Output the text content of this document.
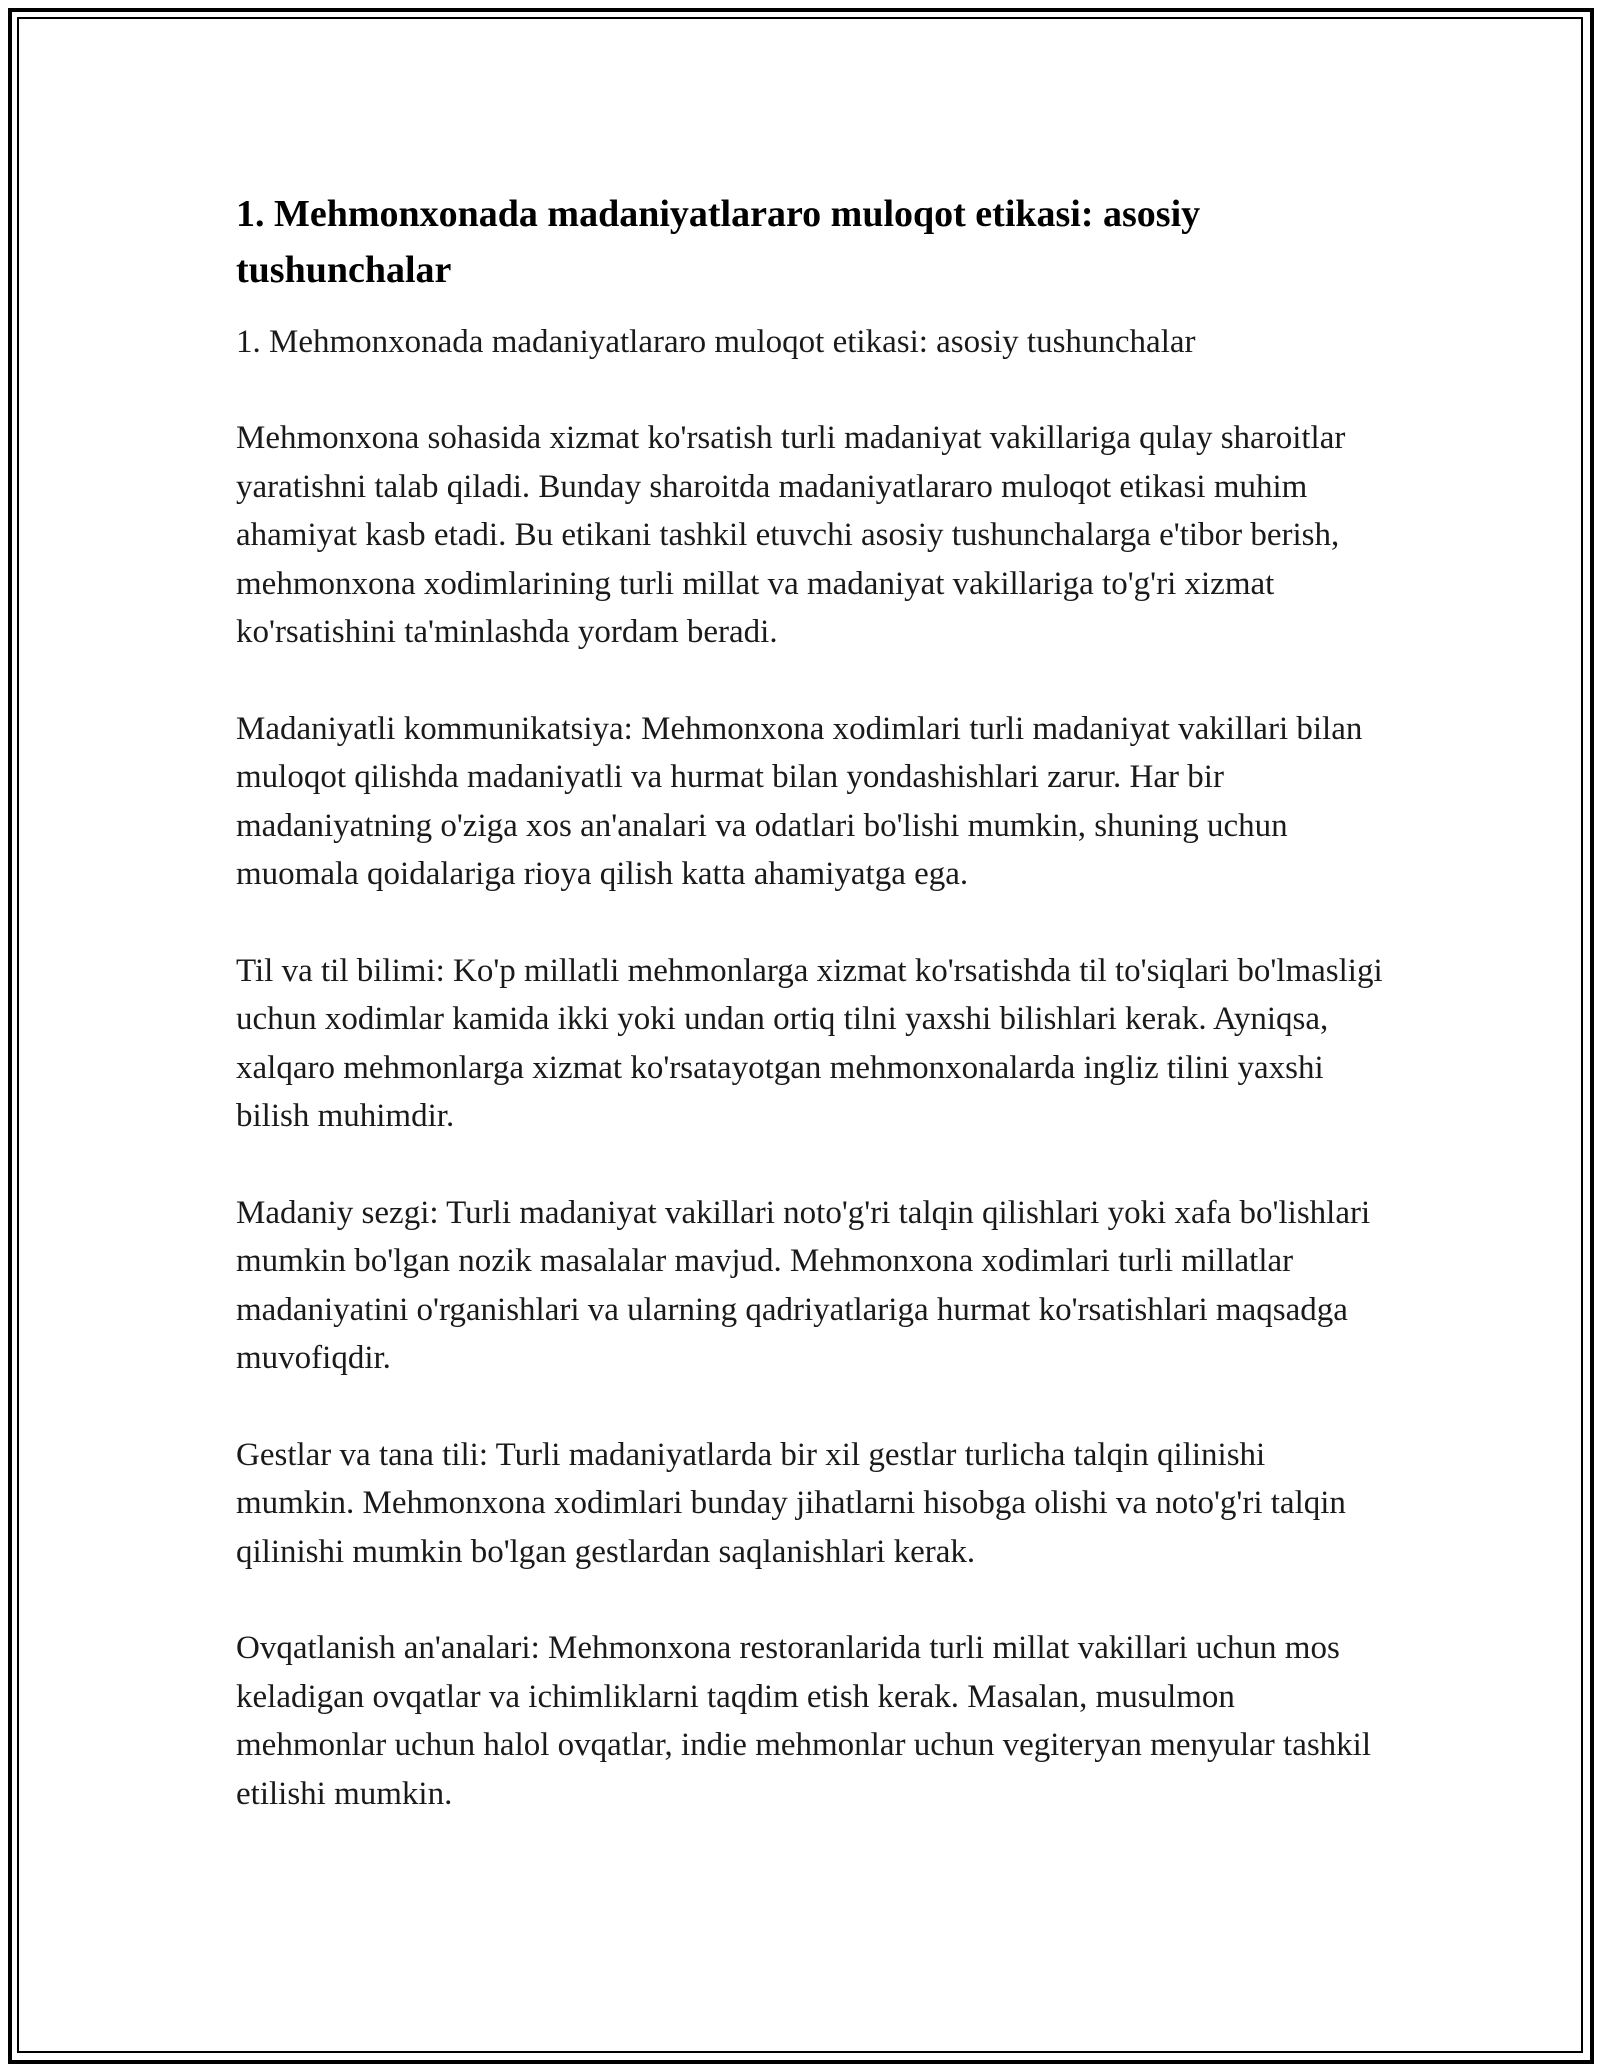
1. Mehmonxonada madaniyatlararo muloqot etikasi: asosiy tushunchalar

1. Mehmonxonada madaniyatlararo muloqot etikasi: asosiy tushunchalar

Mehmonxona sohasida xizmat ko'rsatish turli madaniyat vakillariga qulay sharoitlar yaratishni talab qiladi. Bunday sharoitda madaniyatlararo muloqot etikasi muhim ahamiyat kasb etadi. Bu etikani tashkil etuvchi asosiy tushunchalarga e'tibor berish, mehmonxona xodimlarining turli millat va madaniyat vakillariga to'g'ri xizmat ko'rsatishini ta'minlashda yordam beradi.

Madaniyatli kommunikatsiya: Mehmonxona xodimlari turli madaniyat vakillari bilan muloqot qilishda madaniyatli va hurmat bilan yondashishlari zarur. Har bir madaniyatning o'ziga xos an'analari va odatlari bo'lishi mumkin, shuning uchun muomala qoidalariga rioya qilish katta ahamiyatga ega.

Til va til bilimi: Ko'p millatli mehmonlarga xizmat ko'rsatishda til to'siqlari bo'lmasligi uchun xodimlar kamida ikki yoki undan ortiq tilni yaxshi bilishlari kerak. Ayniqsa, xalqaro mehmonlarga xizmat ko'rsatayotgan mehmonxonalarda ingliz tilini yaxshi bilish muhimdir.

Madaniy sezgi: Turli madaniyat vakillari noto'g'ri talqin qilishlari yoki xafa bo'lishlari mumkin bo'lgan nozik masalalar mavjud. Mehmonxona xodimlari turli millatlar madaniyatini o'rganishlari va ularning qadriyatlariga hurmat ko'rsatishlari maqsadga muvofiqdir.

Gestlar va tana tili: Turli madaniyatlarda bir xil gestlar turlicha talqin qilinishi mumkin. Mehmonxona xodimlari bunday jihatlarni hisobga olishi va noto'g'ri talqin qilinishi mumkin bo'lgan gestlardan saqlanishlari kerak.

Ovqatlanish an'analari: Mehmonxona restoranlarida turli millat vakillari uchun mos keladigan ovqatlar va ichimliklarni taqdim etish kerak. Masalan, musulmon mehmonlar uchun halol ovqatlar, indie mehmonlar uchun vegiteryan menyular tashkil etilishi mumkin.
